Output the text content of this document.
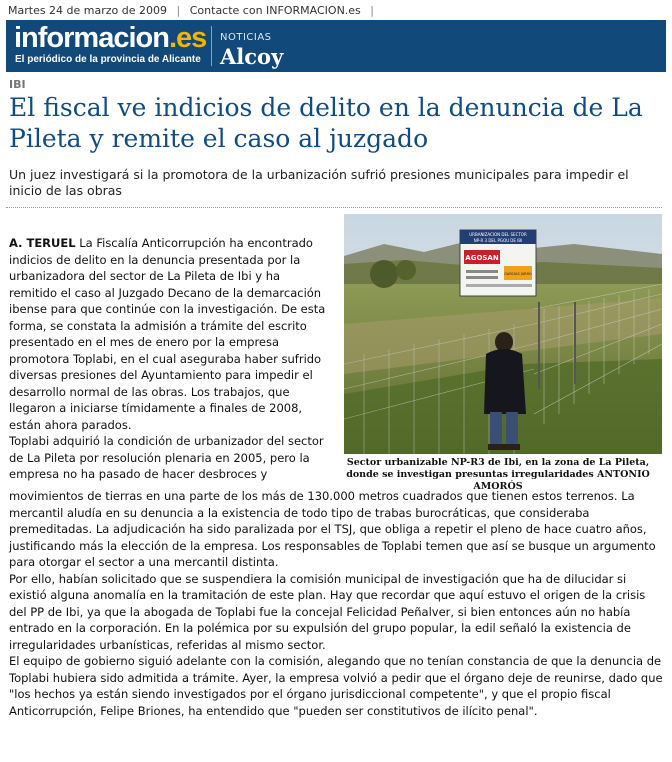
Martes 24 de marzo de 2009 | Contacte con INFORMACION.es |
informacion.es
El periódico de la provincia de Alicante
NOTICIAS
Alcoy
IBI
El fiscal ve indicios de delito en la denuncia de La Pileta y remite el caso al juzgado
Un juez investigará si la promotora de la urbanización sufrió presiones municipales para impedir el inicio de las obras
URBANIZACION DEL SECTOR
NP-R 3 DEL PGOU DE IBI
AGOSAN
GARCIAS JARRO
Sector urbanizable NP-R3 de Ibi, en la zona de La Pileta, donde se investigan presuntas irregularidades ANTONIO AMORÓS

A. TERUEL La Fiscalía Anticorrupción ha encontrado indicios de delito en la denuncia presentada por la urbanizadora del sector de La Pileta de Ibi y ha remitido el caso al Juzgado Decano de la demarcación ibense para que continúe con la investigación. De esta forma, se constata la admisión a trámite del escrito presentado en el mes de enero por la empresa promotora Toplabi, en el cual aseguraba haber sufrido diversas presiones del Ayuntamiento para impedir el desarrollo normal de las obras. Los trabajos, que llegaron a iniciarse tímidamente a finales de 2008, están ahora parados.

Toplabi adquirió la condición de urbanizador del sector de La Pileta por resolución plenaria en 2005, pero la empresa no ha pasado de hacer desbroces y

movimientos de tierras en una parte de los más de 130.000 metros cuadrados que tienen estos terrenos. La mercantil aludía en su denuncia a la existencia de todo tipo de trabas burocráticas, que consideraba premeditadas. La adjudicación ha sido paralizada por el TSJ, que obliga a repetir el pleno de hace cuatro años, justificando más la elección de la empresa. Los responsables de Toplabi temen que así se busque un argumento para otorgar el sector a una mercantil distinta.

Por ello, habían solicitado que se suspendiera la comisión municipal de investigación que ha de dilucidar si existió alguna anomalía en la tramitación de este plan. Hay que recordar que aquí estuvo el origen de la crisis del PP de Ibi, ya que la abogada de Toplabi fue la concejal Felicidad Peñalver, si bien entonces aún no había entrado en la corporación. En la polémica por su expulsión del grupo popular, la edil señaló la existencia de irregularidades urbanísticas, referidas al mismo sector.

El equipo de gobierno siguió adelante con la comisión, alegando que no tenían constancia de que la denuncia de Toplabi hubiera sido admitida a trámite. Ayer, la empresa volvió a pedir que el órgano deje de reunirse, dado que "los hechos ya están siendo investigados por el órgano jurisdiccional competente", y que el propio fiscal Anticorrupción, Felipe Briones, ha entendido que "pueden ser constitutivos de ilícito penal".
